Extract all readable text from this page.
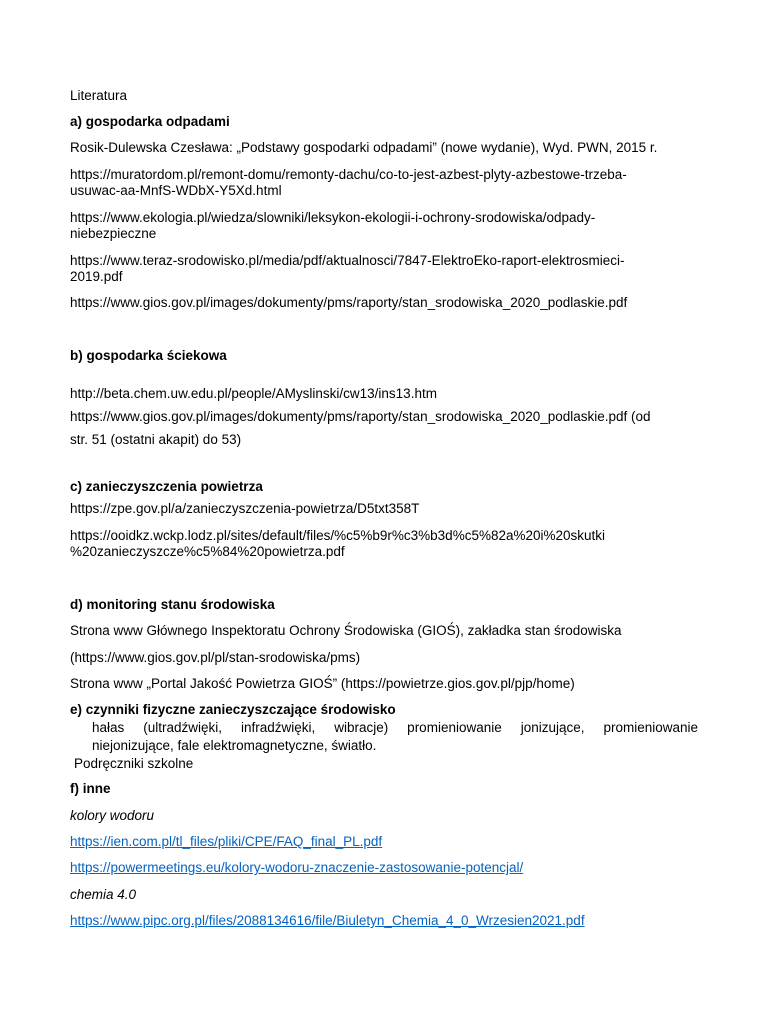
Literatura
a) gospodarka odpadami
Rosik-Dulewska Czesława: „Podstawy gospodarki odpadami” (nowe wydanie), Wyd. PWN, 2015 r.
https://muratordom.pl/remont-domu/remonty-dachu/co-to-jest-azbest-plyty-azbestowe-trzeba-
usuwac-aa-MnfS-WDbX-Y5Xd.html
https://www.ekologia.pl/wiedza/slowniki/leksykon-ekologii-i-ochrony-srodowiska/odpady-
niebezpieczne
https://www.teraz-srodowisko.pl/media/pdf/aktualnosci/7847-ElektroEko-raport-elektrosmieci-
2019.pdf
https://www.gios.gov.pl/images/dokumenty/pms/raporty/stan_srodowiska_2020_podlaskie.pdf
b) gospodarka ściekowa
http://beta.chem.uw.edu.pl/people/AMyslinski/cw13/ins13.htm
https://www.gios.gov.pl/images/dokumenty/pms/raporty/stan_srodowiska_2020_podlaskie.pdf (od
str. 51 (ostatni akapit) do 53)
c) zanieczyszczenia powietrza
https://zpe.gov.pl/a/zanieczyszczenia-powietrza/D5txt358T
https://ooidkz.wckp.lodz.pl/sites/default/files/%c5%b9r%c3%b3d%c5%82a%20i%20skutki
%20zanieczyszcze%c5%84%20powietrza.pdf
d) monitoring stanu środowiska
Strona www Głównego Inspektoratu Ochrony Środowiska (GIOŚ), zakładka stan środowiska
(https://www.gios.gov.pl/pl/stan-srodowiska/pms)
Strona www „Portal Jakość Powietrza GIOŚ” (https://powietrze.gios.gov.pl/pjp/home)
e) czynniki fizyczne zanieczyszczające środowisko
hałas (ultradźwięki, infradźwięki, wibracje) promieniowanie jonizujące, promieniowanie
niejonizujące, fale elektromagnetyczne, światło.
Podręczniki szkolne
f) inne
kolory wodoru
https://ien.com.pl/tl_files/pliki/CPE/FAQ_final_PL.pdf
https://powermeetings.eu/kolory-wodoru-znaczenie-zastosowanie-potencjal/
chemia 4.0
https://www.pipc.org.pl/files/2088134616/file/Biuletyn_Chemia_4_0_Wrzesien2021.pdf
